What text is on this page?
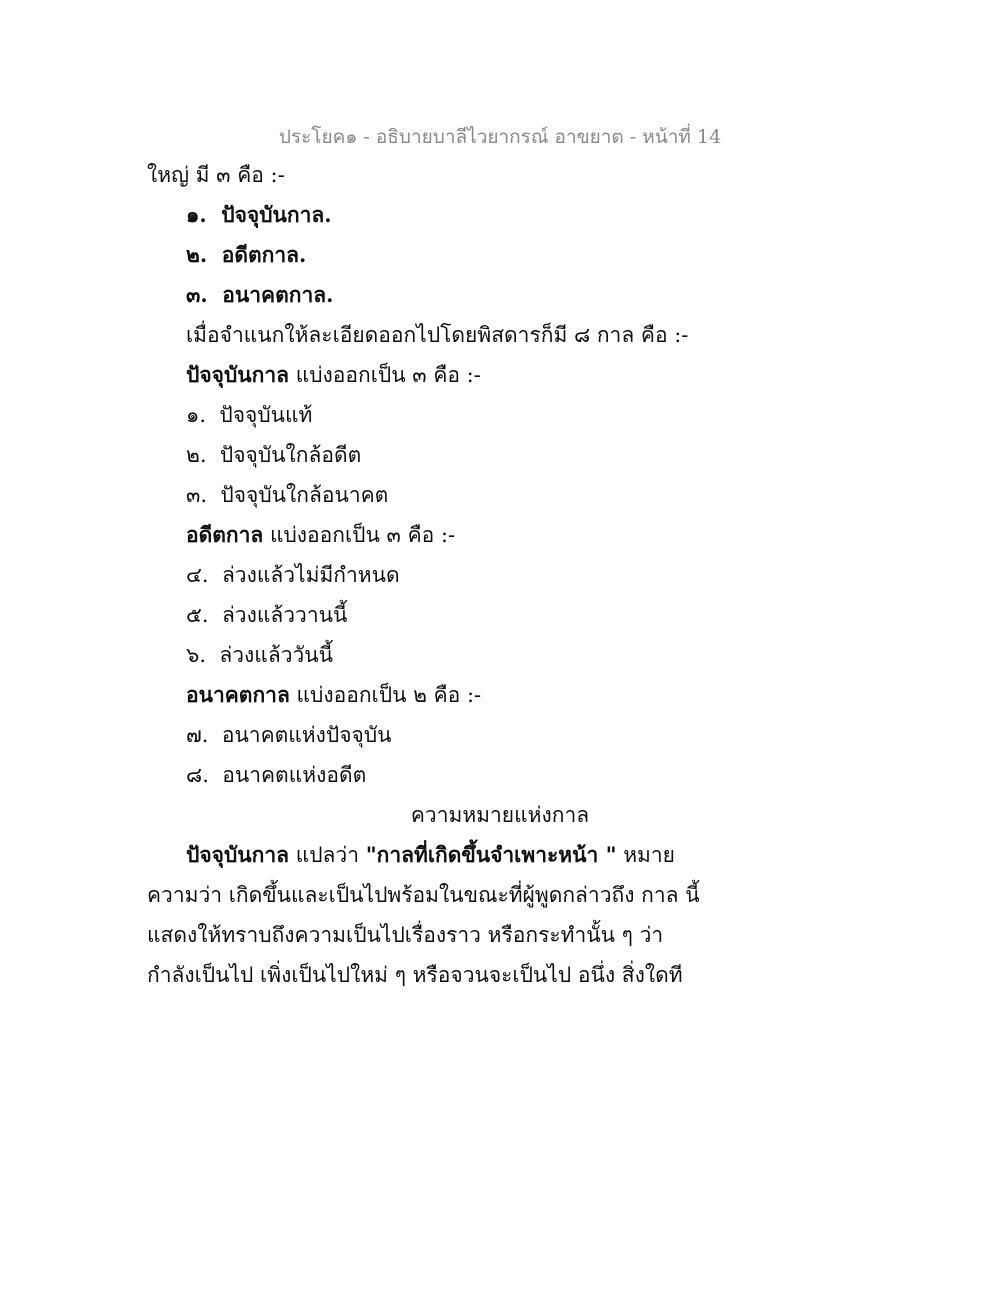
ประโยค๑ - อธิบายบาลีไวยากรณ์ อาขยาต - หน้าที่ 14
ใหญ่ มี ๓ คือ :-
๑. ปัจจุบันกาล.
๒. อดีตกาล.
๓. อนาคตกาล.
เมื่อจำแนกให้ละเอียดออกไปโดยพิสดารก็มี ๘ กาล คือ :-
ปัจจุบันกาล แบ่งออกเป็น ๓ คือ :-
๑. ปัจจุบันแท้
๒. ปัจจุบันใกล้อดีต
๓. ปัจจุบันใกล้อนาคต
อดีตกาล แบ่งออกเป็น ๓ คือ :-
๔. ล่วงแล้วไม่มีกำหนด
๕. ล่วงแล้ววานนี้
๖. ล่วงแล้ววันนี้
อนาคตกาล แบ่งออกเป็น ๒ คือ :-
๗. อนาคตแห่งปัจจุบัน
๘. อนาคตแห่งอดีต
ความหมายแห่งกาล
ปัจจุบันกาล แปลว่า "กาลที่เกิดขึ้นจำเพาะหน้า " หมาย
ความว่า เกิดขึ้นและเป็นไปพร้อมในขณะที่ผู้พูดกล่าวถึง กาล นี้
แสดงให้ทราบถึงความเป็นไปเรื่องราว หรือกระทำนั้น ๆ ว่า
กำลังเป็นไป เพิ่งเป็นไปใหม่ ๆ หรือจวนจะเป็นไป อนึ่ง สิ่งใดที
